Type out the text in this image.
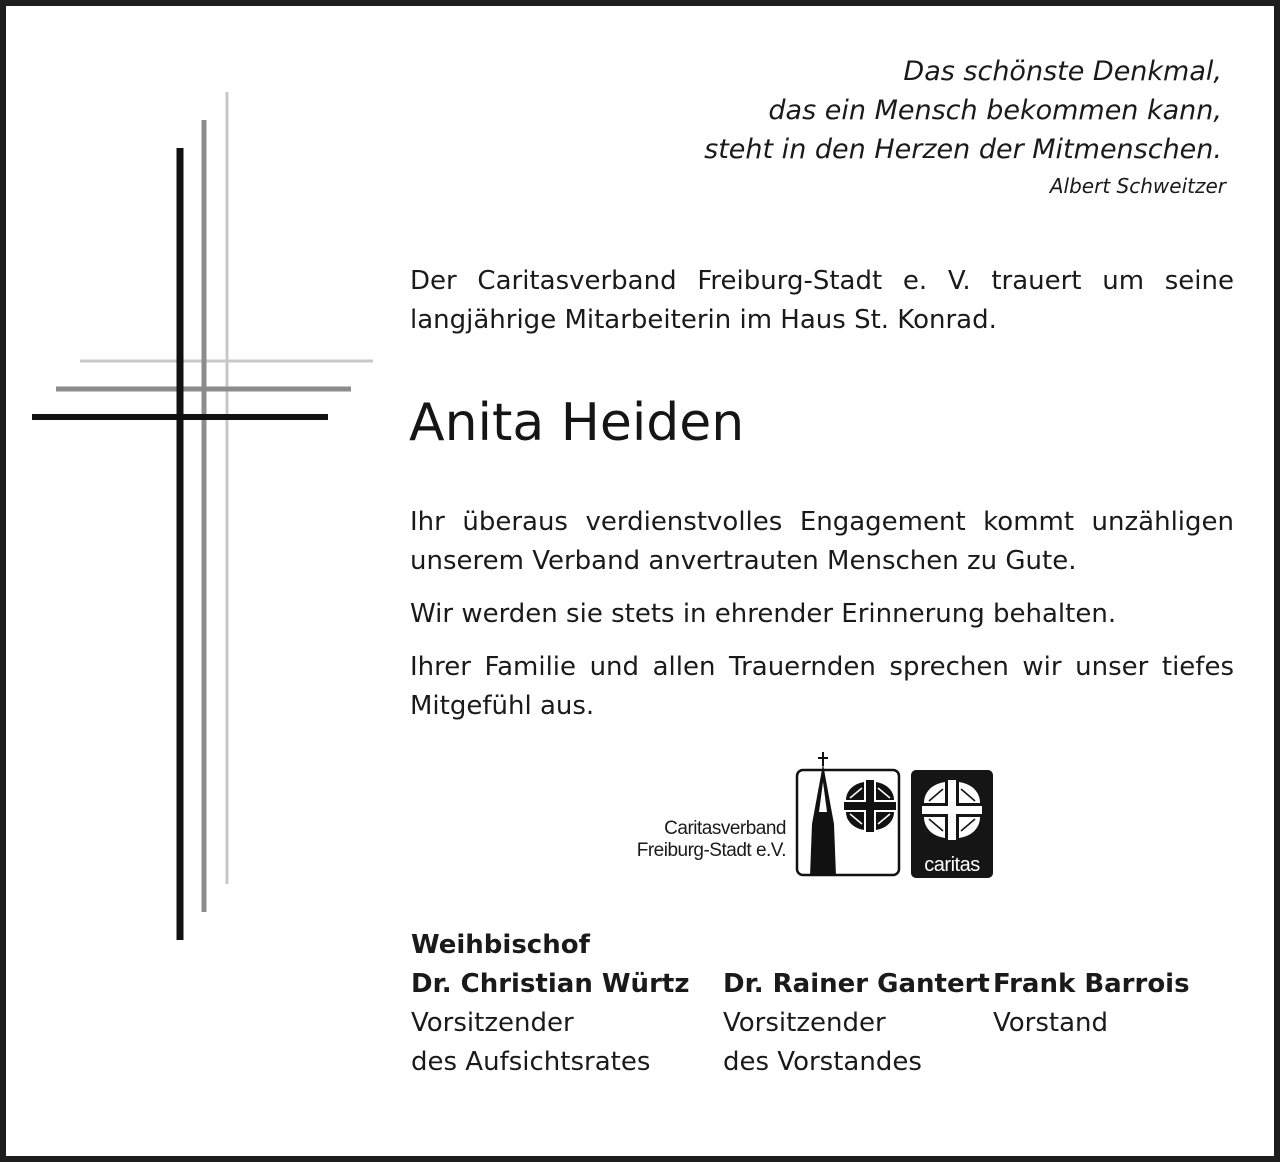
Das schönste Denkmal,
das ein Mensch bekommen kann,
steht in den Herzen der Mitmenschen.
Albert Schweitzer
Der Caritasverband Freiburg-Stadt e. V. trauert um seine langjährige Mitarbeiterin im Haus St. Konrad.
Anita Heiden

Ihr überaus verdienstvolles Engagement kommt unzähligen unserem Verband anvertrauten Menschen zu Gute.

Wir werden sie stets in ehrender Erinnerung behalten.

Ihrer Familie und allen Trauernden sprechen wir unser tiefes Mitgefühl aus.

Caritasverband
Freiburg-Stadt e.V.
caritas
Weihbischof
Dr. Christian Würtz
Vorsitzender
des Aufsichtsrates
Dr. Rainer Gantert
Vorsitzender
des Vorstandes
Frank Barrois
Vorstand
